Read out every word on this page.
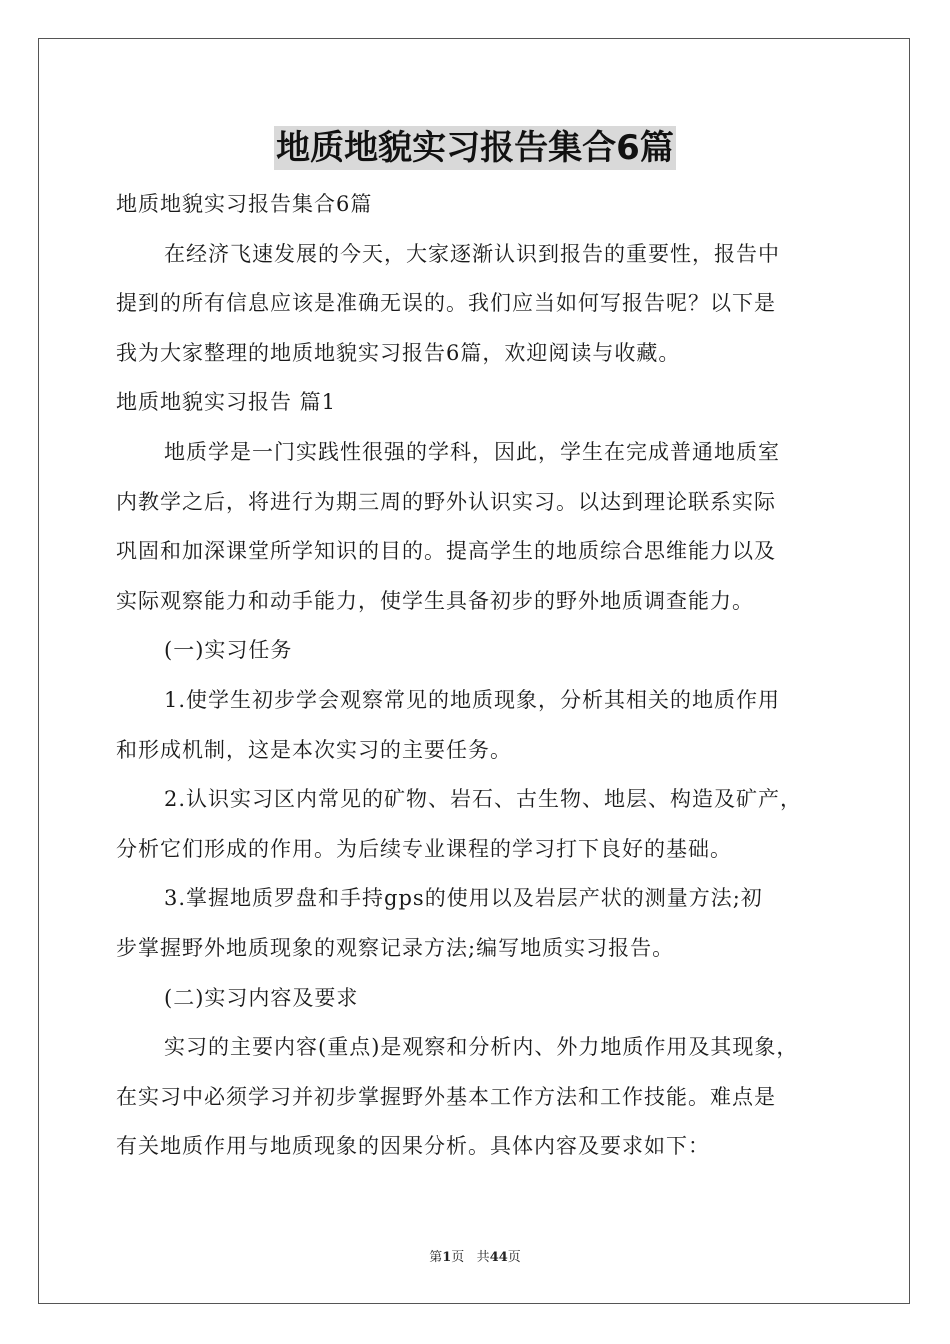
地质地貌实习报告集合6篇

地质地貌实习报告集合6篇

在经济飞速发展的今天，大家逐渐认识到报告的重要性，报告中

提到的所有信息应该是准确无误的。我们应当如何写报告呢？以下是

我为大家整理的地质地貌实习报告6篇，欢迎阅读与收藏。

地质地貌实习报告 篇1

地质学是一门实践性很强的学科，因此，学生在完成普通地质室

内教学之后，将进行为期三周的野外认识实习。以达到理论联系实际

巩固和加深课堂所学知识的目的。提高学生的地质综合思维能力以及

实际观察能力和动手能力，使学生具备初步的野外地质调查能力。

(一)实习任务

1.使学生初步学会观察常见的地质现象，分析其相关的地质作用

和形成机制，这是本次实习的主要任务。

2.认识实习区内常见的矿物、岩石、古生物、地层、构造及矿产，

分析它们形成的作用。为后续专业课程的学习打下良好的基础。

3.掌握地质罗盘和手持gps的使用以及岩层产状的测量方法;初

步掌握野外地质现象的观察记录方法;编写地质实习报告。

(二)实习内容及要求

实习的主要内容(重点)是观察和分析内、外力地质作用及其现象，

在实习中必须学习并初步掌握野外基本工作方法和工作技能。难点是

有关地质作用与地质现象的因果分析。具体内容及要求如下：

第1页 共44页
